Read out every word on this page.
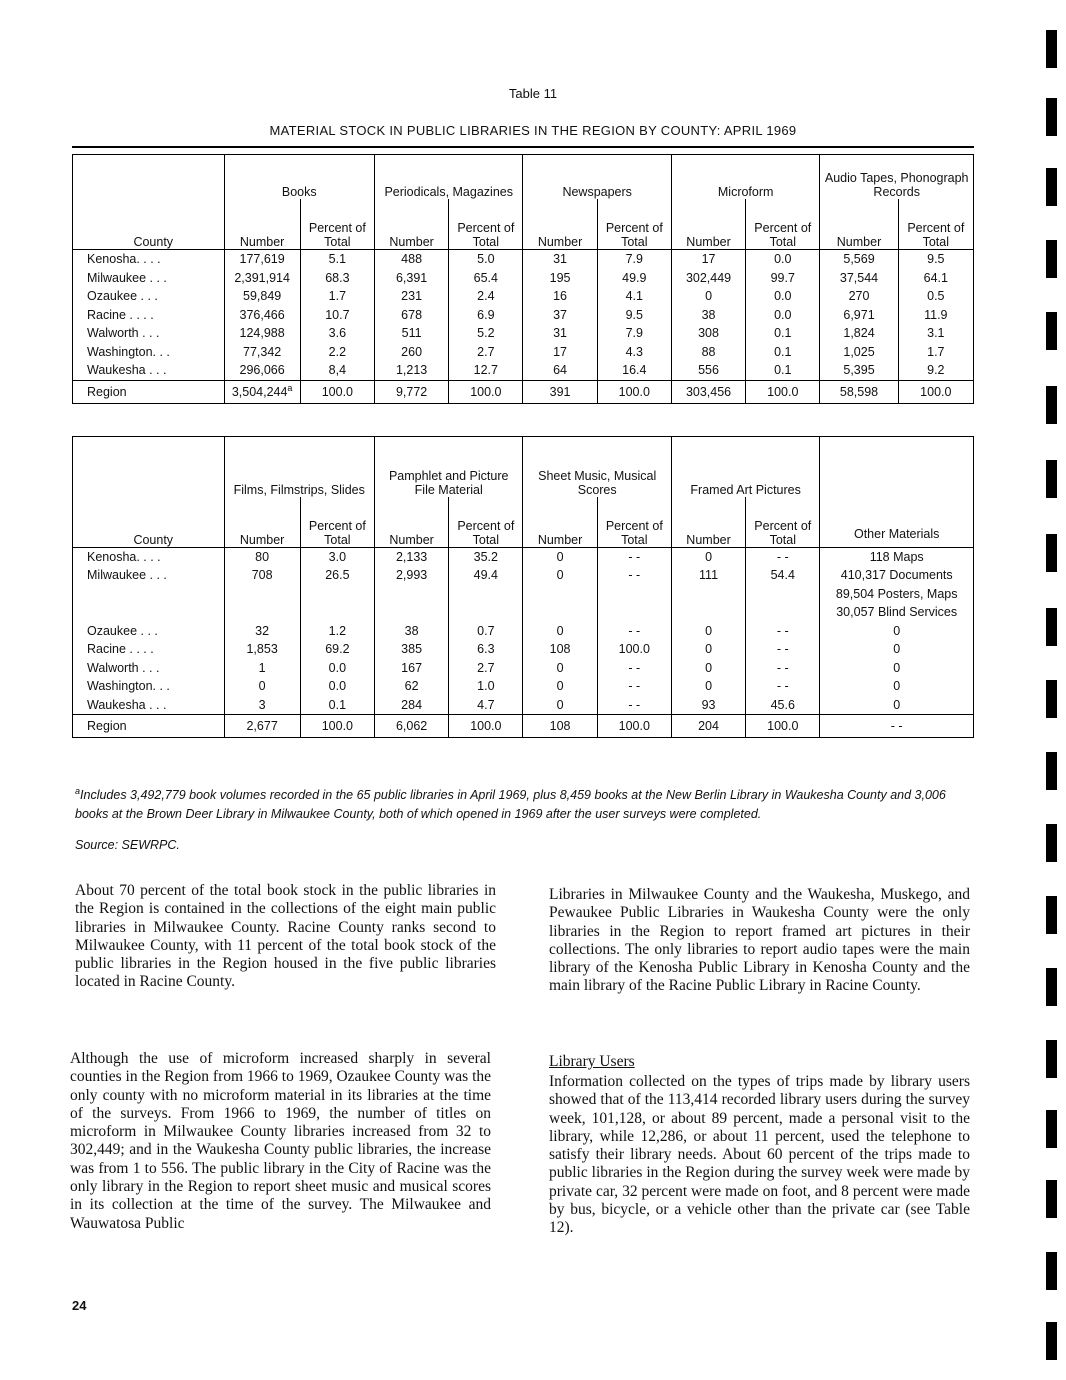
Table 11
MATERIAL STOCK IN PUBLIC LIBRARIES IN THE REGION BY COUNTY: APRIL 1969
	Books		Periodicals, Magazines		Newspapers		Microform		Audio Tapes, Phonograph Records	
County	Number	Percent of Total	Number	Percent of Total	Number	Percent of Total	Number	Percent of Total	Number	Percent of Total
Kenosha. . . .	177,619	5.1	488	5.0	31	7.9	17	0.0	5,569	9.5
Milwaukee . . .	2,391,914	68.3	6,391	65.4	195	49.9	302,449	99.7	37,544	64.1
Ozaukee . . .	59,849	1.7	231	2.4	16	4.1	0	0.0	270	0.5
Racine . . . .	376,466	10.7	678	6.9	37	9.5	38	0.0	6,971	11.9
Walworth . . .	124,988	3.6	511	5.2	31	7.9	308	0.1	1,824	3.1
Washington. . .	77,342	2.2	260	2.7	17	4.3	88	0.1	1,025	1.7
Waukesha . . .	296,066	8,4	1,213	12.7	64	16.4	556	0.1	5,395	9.2
Region	3,504,244$^a$	100.0	9,772	100.0	391	100.0	303,456	100.0	58,598	100.0
	Films, Filmstrips, Slides		Pamphlet and Picture File Material		Sheet Music, Musical Scores		Framed Art Pictures		Other Materials
County	Number	Percent of Total	Number	Percent of Total	Number	Percent of Total	Number	Percent of Total	
Kenosha. . . .	80	3.0	2,133	35.2	0	- -	0	- -	118 Maps
Milwaukee . . .	708	26.5	2,993	49.4	0	- -	111	54.4	410,317 Documents
									89,504 Posters, Maps
									30,057 Blind Services
Ozaukee . . .	32	1.2	38	0.7	0	- -	0	- -	0
Racine . . . .	1,853	69.2	385	6.3	108	100.0	0	- -	0
Walworth . . .	1	0.0	167	2.7	0	- -	0	- -	0
Washington. . .	0	0.0	62	1.0	0	- -	0	- -	0
Waukesha . . .	3	0.1	284	4.7	0	- -	93	45.6	0
Region	2,677	100.0	6,062	100.0	108	100.0	204	100.0	- -
$^a$Includes 3,492,779 book volumes recorded in the 65 public libraries in April 1969, plus 8,459 books at the New Berlin Library in Waukesha County and 3,006 books at the Brown Deer Library in Milwaukee County, both of which opened in 1969 after the user surveys were completed.
Source: SEWRPC.
About 70 percent of the total book stock in the public libraries in the Region is contained in the collections of the eight main public libraries in Milwaukee County. Racine County ranks second to Milwaukee County, with 11 percent of the total book stock of the public libraries in the Region housed in the five public libraries located in Racine County.
Although the use of microform increased sharply in several counties in the Region from 1966 to 1969, Ozaukee County was the only county with no microform material in its libraries at the time of the surveys. From 1966 to 1969, the number of titles on microform in Milwaukee County libraries increased from 32 to 302,449; and in the Waukesha County public libraries, the increase was from 1 to 556. The public library in the City of Racine was the only library in the Region to report sheet music and musical scores in its collection at the time of the survey. The Milwaukee and Wauwatosa Public
Libraries in Milwaukee County and the Waukesha, Muskego, and Pewaukee Public Libraries in Waukesha County were the only libraries in the Region to report framed art pictures in their collections. The only libraries to report audio tapes were the main library of the Kenosha Public Library in Kenosha County and the main library of the Racine Public Library in Racine County.
Library Users
Information collected on the types of trips made by library users showed that of the 113,414 recorded library users during the survey week, 101,128, or about 89 percent, made a personal visit to the library, while 12,286, or about 11 percent, used the telephone to satisfy their library needs. About 60 percent of the trips made to public libraries in the Region during the survey week were made by private car, 32 percent were made on foot, and 8 percent were made by bus, bicycle, or a vehicle other than the private car (see Table 12).
24
